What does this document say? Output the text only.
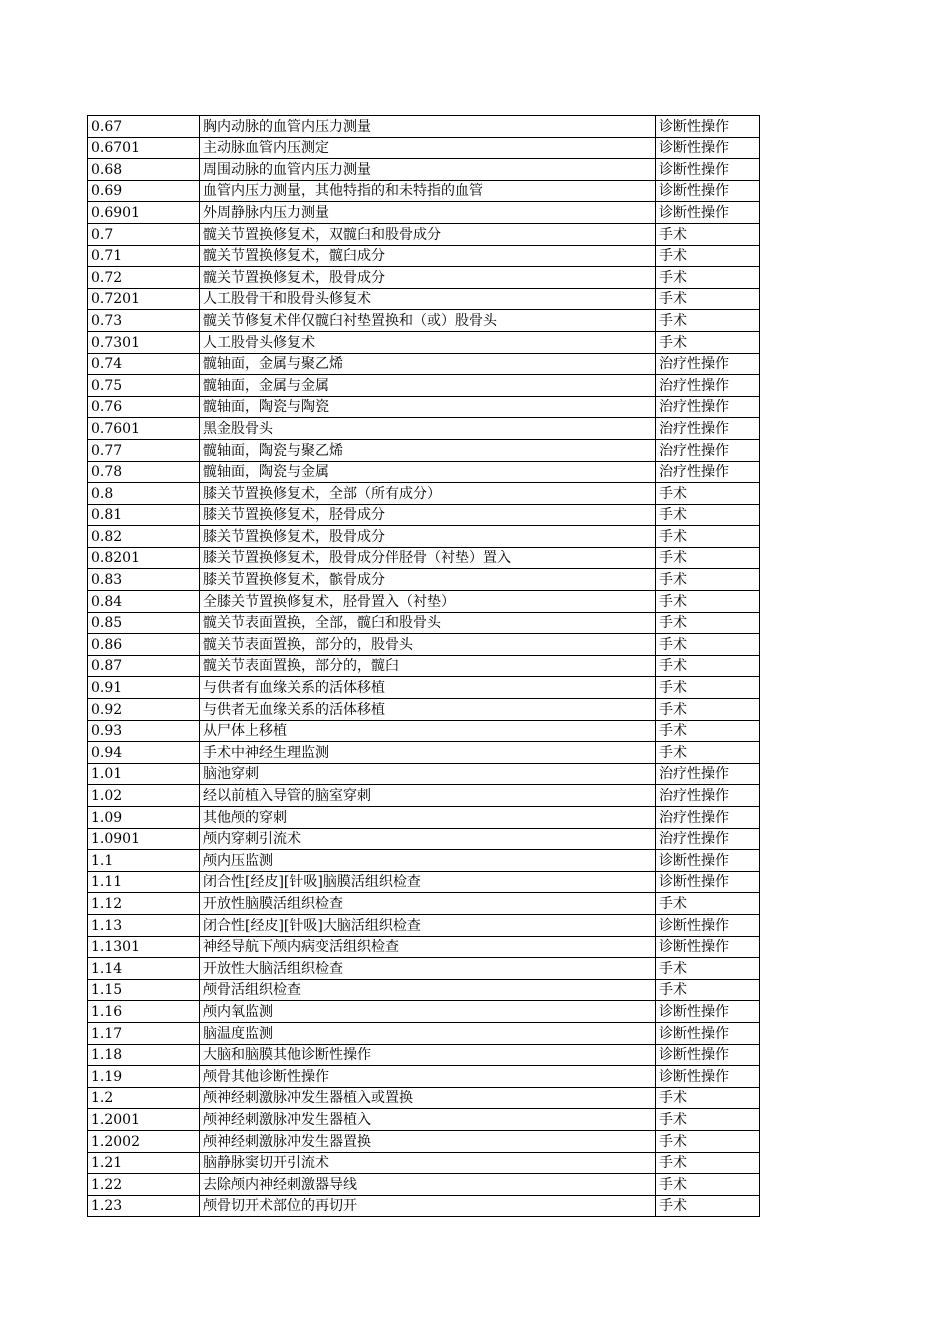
0.67	胸内动脉的血管内压力测量	诊断性操作
0.6701	主动脉血管内压测定	诊断性操作
0.68	周围动脉的血管内压力测量	诊断性操作
0.69	血管内压力测量，其他特指的和未特指的血管	诊断性操作
0.6901	外周静脉内压力测量	诊断性操作
0.7	髋关节置换修复术，双髋臼和股骨成分	手术
0.71	髋关节置换修复术，髋臼成分	手术
0.72	髋关节置换修复术，股骨成分	手术
0.7201	人工股骨干和股骨头修复术	手术
0.73	髋关节修复术伴仅髋臼衬垫置换和（或）股骨头	手术
0.7301	人工股骨头修复术	手术
0.74	髋轴面，金属与聚乙烯	治疗性操作
0.75	髋轴面，金属与金属	治疗性操作
0.76	髋轴面，陶瓷与陶瓷	治疗性操作
0.7601	黑金股骨头	治疗性操作
0.77	髋轴面，陶瓷与聚乙烯	治疗性操作
0.78	髋轴面，陶瓷与金属	治疗性操作
0.8	膝关节置换修复术，全部（所有成分）	手术
0.81	膝关节置换修复术，胫骨成分	手术
0.82	膝关节置换修复术，股骨成分	手术
0.8201	膝关节置换修复术，股骨成分伴胫骨（衬垫）置入	手术
0.83	膝关节置换修复术，髌骨成分	手术
0.84	全膝关节置换修复术，胫骨置入（衬垫）	手术
0.85	髋关节表面置换，全部，髋臼和股骨头	手术
0.86	髋关节表面置换，部分的，股骨头	手术
0.87	髋关节表面置换，部分的，髋臼	手术
0.91	与供者有血缘关系的活体移植	手术
0.92	与供者无血缘关系的活体移植	手术
0.93	从尸体上移植	手术
0.94	手术中神经生理监测	手术
1.01	脑池穿刺	治疗性操作
1.02	经以前植入导管的脑室穿刺	治疗性操作
1.09	其他颅的穿刺	治疗性操作
1.0901	颅内穿刺引流术	治疗性操作
1.1	颅内压监测	诊断性操作
1.11	闭合性[经皮][针吸]脑膜活组织检查	诊断性操作
1.12	开放性脑膜活组织检查	手术
1.13	闭合性[经皮][针吸]大脑活组织检查	诊断性操作
1.1301	神经导航下颅内病变活组织检查	诊断性操作
1.14	开放性大脑活组织检查	手术
1.15	颅骨活组织检查	手术
1.16	颅内氧监测	诊断性操作
1.17	脑温度监测	诊断性操作
1.18	大脑和脑膜其他诊断性操作	诊断性操作
1.19	颅骨其他诊断性操作	诊断性操作
1.2	颅神经刺激脉冲发生器植入或置换	手术
1.2001	颅神经刺激脉冲发生器植入	手术
1.2002	颅神经刺激脉冲发生器置换	手术
1.21	脑静脉窦切开引流术	手术
1.22	去除颅内神经刺激器导线	手术
1.23	颅骨切开术部位的再切开	手术
